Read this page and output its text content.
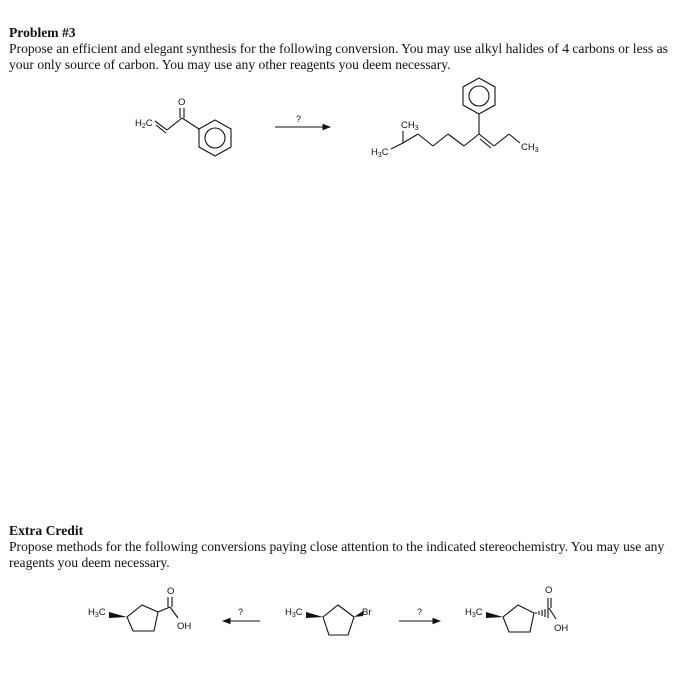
Problem #3
Propose an efficient and elegant synthesis for the following conversion. You may use alkyl halides of 4 carbons or less as your only source of carbon. You may use any other reagents you deem necessary.
Extra Credit
Propose methods for the following conversions paying close attention to the indicated stereochemistry. You may use any reagents you deem necessary.
$H_2C$
O
?
$CH_3$
$H_3C$	$CH_3$
$H_3C$
O
OH
?	$H_3C$	Br	?	$H_3C$
O
OH
